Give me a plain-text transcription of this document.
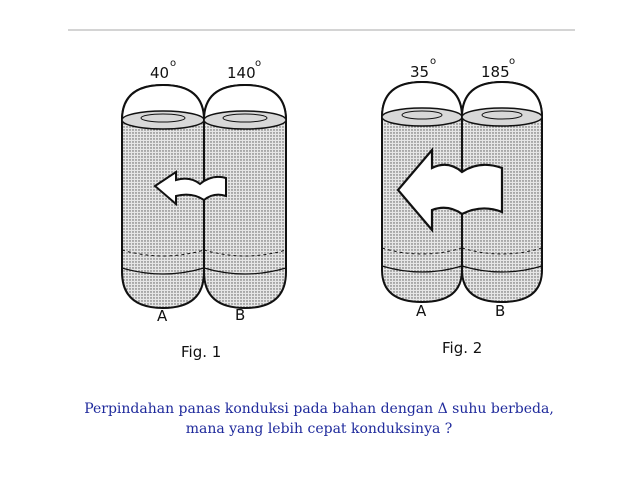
40
o
140
o
A	B
Fig. 1
35
o
185
o
A	B
Fig. 2
Perpindahan panas konduksi pada bahan dengan Δ suhu berbeda,
mana yang lebih cepat konduksinya ?
